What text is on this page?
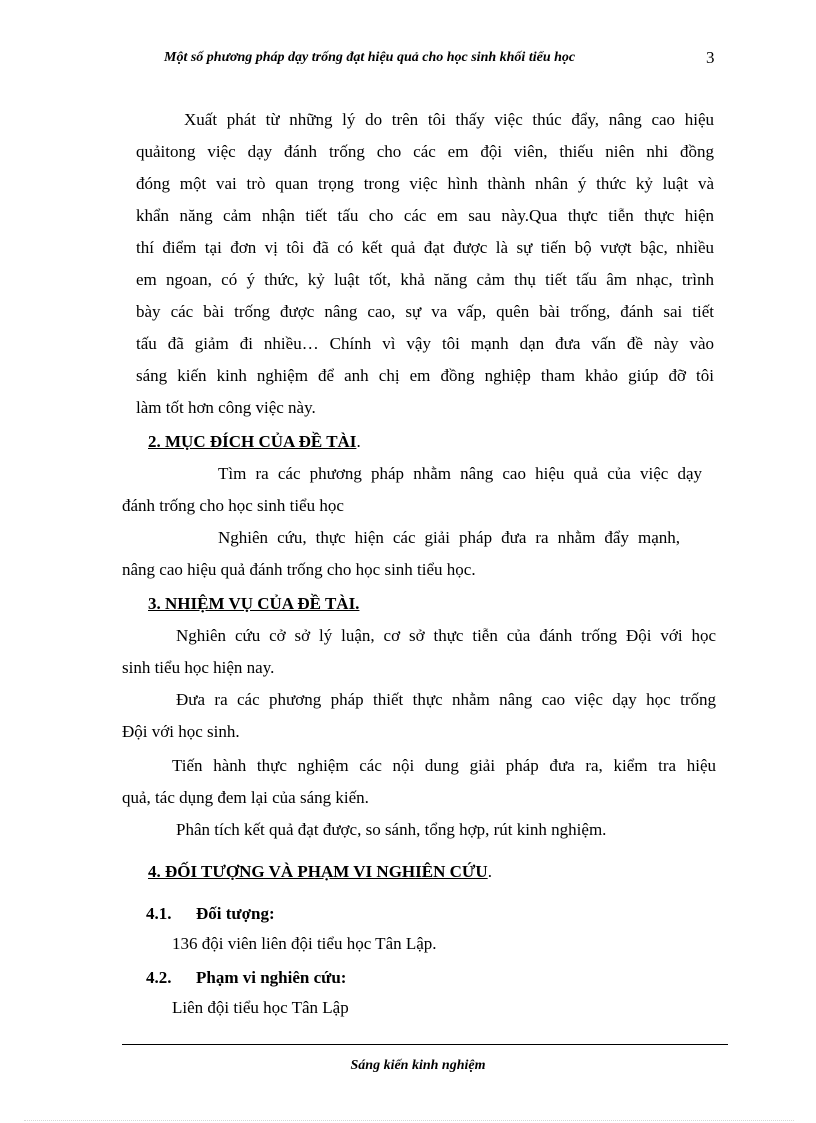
Một số phương pháp dạy trống đạt hiệu quả cho học sinh khối tiểu học	3
Xuất phát từ những lý do trên tôi thấy việc thúc đẩy, nâng cao hiệu
quảitong việc dạy đánh trống cho các em đội viên, thiếu niên nhi đồng
đóng một vai trò quan trọng trong việc hình thành nhân ý thức kỷ luật và
khẩn năng cảm nhận tiết tấu cho các em sau này.Qua thực tiễn thực hiện
thí điểm tại đơn vị tôi đã có kết quả đạt được là sự tiến bộ vượt bậc, nhiều
em ngoan, có ý thức, kỷ luật tốt, khả năng cảm thụ tiết tấu âm nhạc, trình
bày các bài trống được nâng cao, sự va vấp, quên bài trống, đánh sai tiết
tấu đã giảm đi nhiều… Chính vì vậy tôi mạnh dạn đưa vấn đề này vào
sáng kiến kinh nghiệm để anh chị em đồng nghiệp tham khảo giúp đỡ tôi
làm tốt hơn công việc này.
2. MỤC ĐÍCH CỦA ĐỀ TÀI.
Tìm ra các phương pháp nhằm nâng cao hiệu quả của việc dạy
đánh trống cho học sinh tiểu học
Nghiên cứu, thực hiện các giải pháp đưa ra nhằm đẩy mạnh,
nâng cao hiệu quả đánh trống cho học sinh tiểu học.
3. NHIỆM VỤ CỦA ĐỀ TÀI.
Nghiên cứu cở sở lý luận, cơ sở thực tiễn của đánh trống Đội với học
sinh tiểu học hiện nay.
Đưa ra các phương pháp thiết thực nhằm nâng cao việc dạy học trống
Đội với học sinh.
Tiến hành thực nghiệm các nội dung giải pháp đưa ra, kiểm tra hiệu
quả, tác dụng đem lại của sáng kiến.
Phân tích kết quả đạt được, so sánh, tổng hợp, rút kinh nghiệm.
4. ĐỐI TƯỢNG VÀ PHẠM VI NGHIÊN CỨU.
4.1. Đối tượng:
136 đội viên liên đội tiểu học Tân Lập.
4.2. Phạm vi nghiên cứu:
Liên đội tiểu học Tân Lập
Sáng kiến kinh nghiệm
